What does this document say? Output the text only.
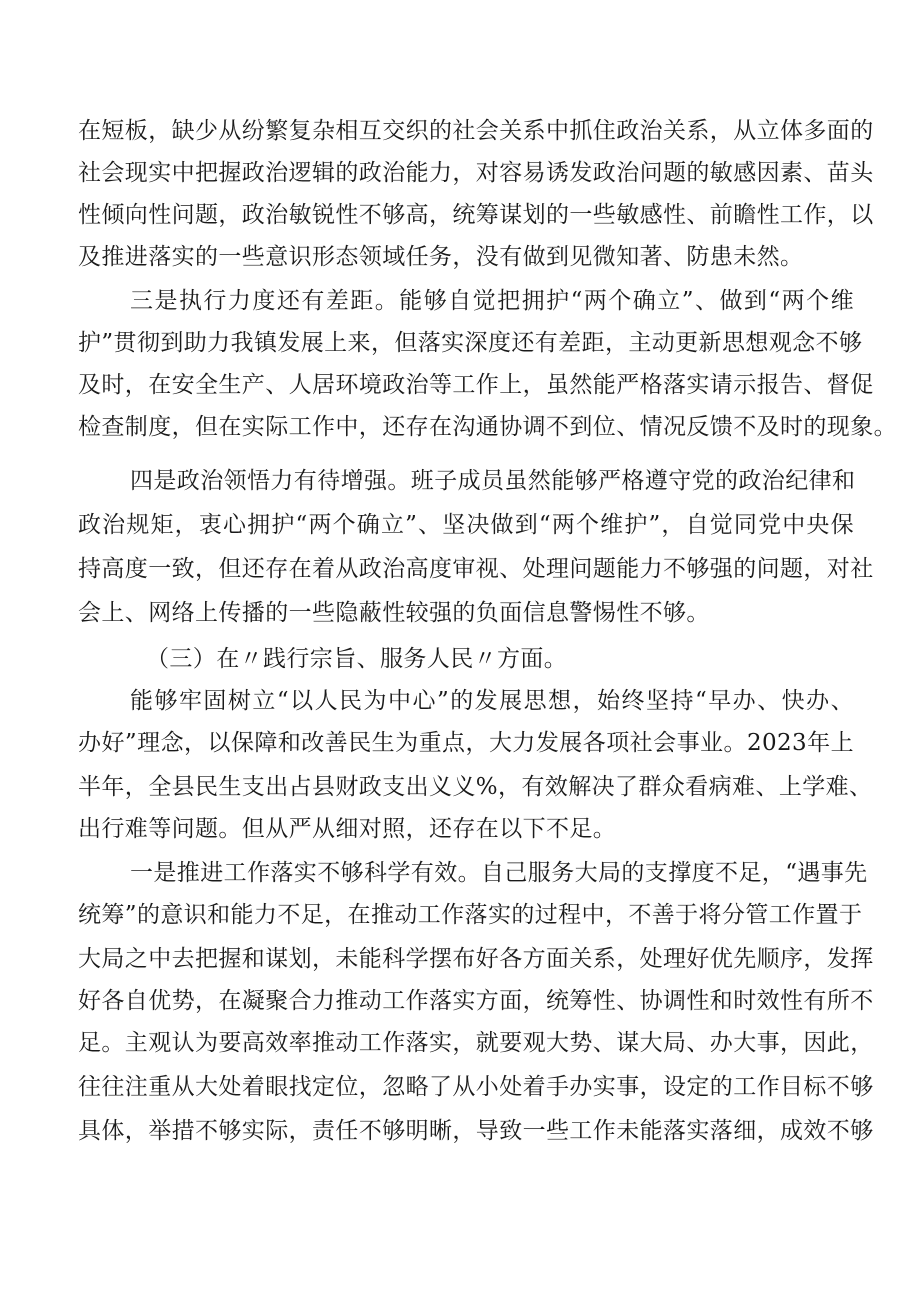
在短板，缺少从纷繁复杂相互交织的社会关系中抓住政治关系，从立体多面的
社会现实中把握政治逻辑的政治能力，对容易诱发政治问题的敏感因素、苗头
性倾向性问题，政治敏锐性不够高，统筹谋划的一些敏感性、前瞻性工作，以
及推进落实的一些意识形态领域任务，没有做到见微知著、防患未然。
三是执行力度还有差距。能够自觉把拥护“两个确立”、做到“两个维
护”贯彻到助力我镇发展上来，但落实深度还有差距，主动更新思想观念不够
及时，在安全生产、人居环境政治等工作上，虽然能严格落实请示报告、督促
检查制度，但在实际工作中，还存在沟通协调不到位、情况反馈不及时的现象。
四是政治领悟力有待增强。班子成员虽然能够严格遵守党的政治纪律和
政治规矩，衷心拥护“两个确立”、坚决做到“两个维护”，自觉同党中央保
持高度一致，但还存在着从政治高度审视、处理问题能力不够强的问题，对社
会上、网络上传播的一些隐蔽性较强的负面信息警惕性不够。
（三）在〃践行宗旨、服务人民〃方面。
能够牢固树立“以人民为中心”的发展思想，始终坚持“早办、快办、
办好”理念，以保障和改善民生为重点，大力发展各项社会事业。2023年上
半年，全县民生支出占县财政支出义义%，有效解决了群众看病难、上学难、
出行难等问题。但从严从细对照，还存在以下不足。
一是推进工作落实不够科学有效。自己服务大局的支撑度不足，“遇事先
统筹”的意识和能力不足，在推动工作落实的过程中，不善于将分管工作置于
大局之中去把握和谋划，未能科学摆布好各方面关系，处理好优先顺序，发挥
好各自优势，在凝聚合力推动工作落实方面，统筹性、协调性和时效性有所不
足。主观认为要高效率推动工作落实，就要观大势、谋大局、办大事，因此，
往往注重从大处着眼找定位，忽略了从小处着手办实事，设定的工作目标不够
具体，举措不够实际，责任不够明晰，导致一些工作未能落实落细，成效不够
